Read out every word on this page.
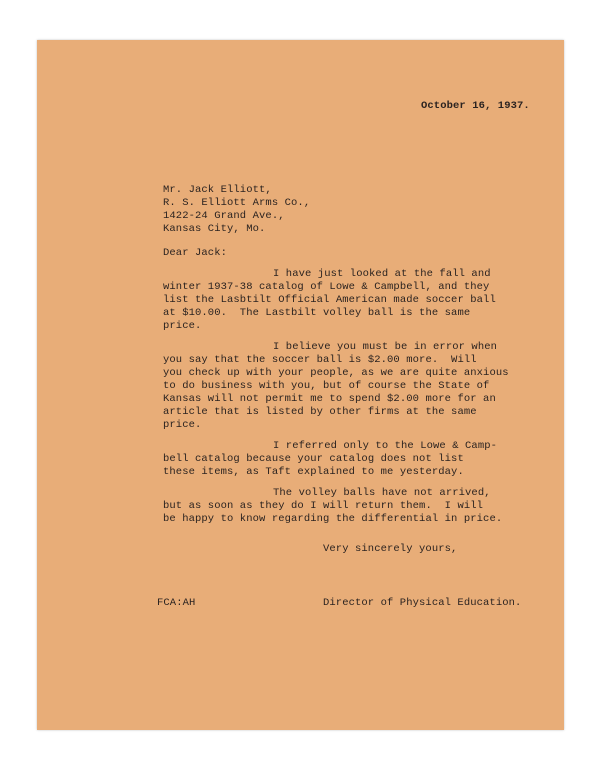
October 16, 1937.
Mr. Jack Elliott,
R. S. Elliott Arms Co.,
1422-24 Grand Ave.,
Kansas City, Mo.
Dear Jack:
I have just looked at the fall and
winter 1937-38 catalog of Lowe & Campbell, and they
list the Lasbtilt Official American made soccer ball
at $10.00.  The Lastbilt volley ball is the same
price.
I believe you must be in error when
you say that the soccer ball is $2.00 more.  Will
you check up with your people, as we are quite anxious
to do business with you, but of course the State of
Kansas will not permit me to spend $2.00 more for an
article that is listed by other firms at the same
price.
I referred only to the Lowe & Camp-
bell catalog because your catalog does not list
these items, as Taft explained to me yesterday.
The volley balls have not arrived,
but as soon as they do I will return them.  I will
be happy to know regarding the differential in price.
Very sincerely yours,
FCA:AH	Director of Physical Education.
